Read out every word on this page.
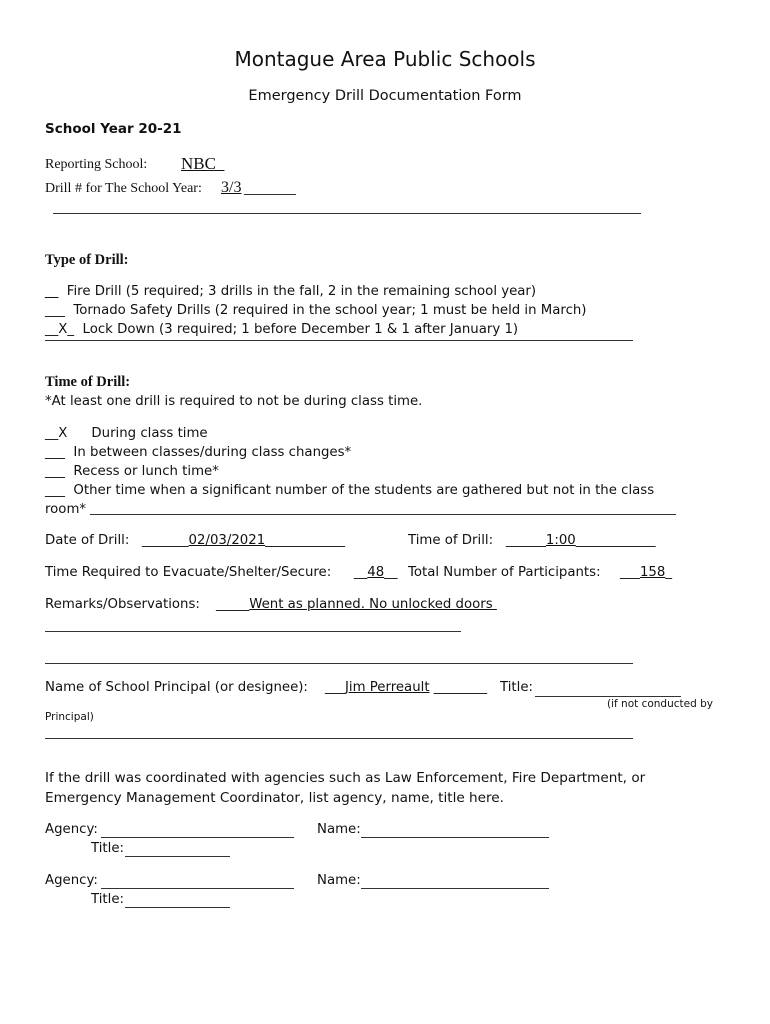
Montague Area Public Schools
Emergency Drill Documentation Form
School Year 20-21
Reporting School: NBC
Drill # for The School Year: 3/3
Type of Drill:
_̲_̲ Fire Drill (5 required; 3 drills in the fall, 2 in the remaining school year)
___ Tornado Safety Drills (2 required in the school year; 1 must be held in March)
__X_ Lock Down (3 required; 1 before December 1 & 1 after January 1)
Time of Drill:
*At least one drill is required to not be during class time.
__X During class time
___ In between classes/during class changes*
___ Recess or lunch time*
___ Other time when a significant number of the students are gathered but not in the class
room*
Date of Drill: _______02/03/2021____________	Time of Drill: ______1:00____________
Time Required to Evacuate/Shelter/Secure: __48__ Total Number of Participants: ___158_
Remarks/Observations: _____Went as planned. No unlocked doors
Name of School Principal (or designee): ___Jim Perreault ________ Title:
(if not conducted by
Principal)
If the drill was coordinated with agencies such as Law Enforcement, Fire Department, or
Emergency Management Coordinator, list agency, name, title here.
Agency:	Name:
Title:
Agency:	Name:
Title:
